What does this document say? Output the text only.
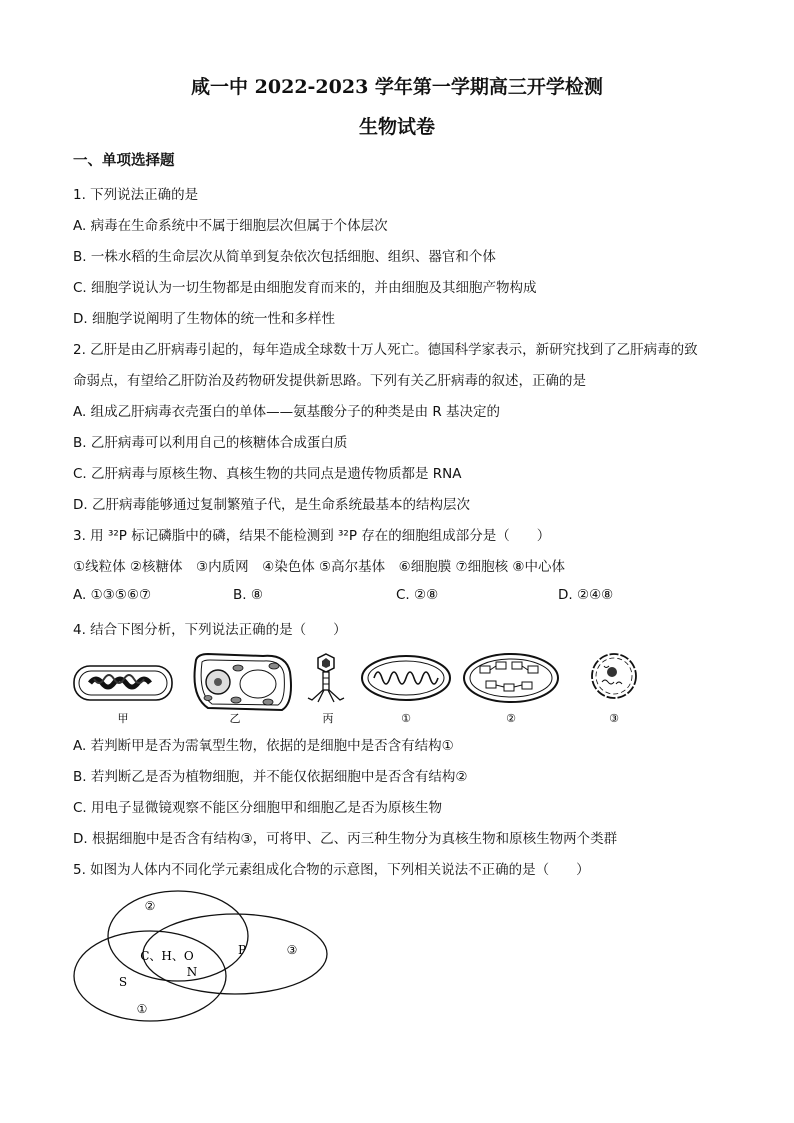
咸一中 2022-2023 学年第一学期高三开学检测
生物试卷
一、单项选择题
1. 下列说法正确的是
A. 病毒在生命系统中不属于细胞层次但属于个体层次
B. 一株水稻的生命层次从简单到复杂依次包括细胞、组织、器官和个体
C. 细胞学说认为一切生物都是由细胞发育而来的，并由细胞及其细胞产物构成
D. 细胞学说阐明了生物体的统一性和多样性
2. 乙肝是由乙肝病毒引起的，每年造成全球数十万人死亡。德国科学家表示，新研究找到了乙肝病毒的致
命弱点，有望给乙肝防治及药物研发提供新思路。下列有关乙肝病毒的叙述，正确的是
A. 组成乙肝病毒衣壳蛋白的单体——氨基酸分子的种类是由 R 基决定的
B. 乙肝病毒可以利用自己的核糖体合成蛋白质
C. 乙肝病毒与原核生物、真核生物的共同点是遗传物质都是 RNA
D. 乙肝病毒能够通过复制繁殖子代，是生命系统最基本的结构层次
3. 用 ³²P 标记磷脂中的磷，结果不能检测到 ³²P 存在的细胞组成部分是（　　）
①线粒体 ②核糖体　③内质网　④染色体 ⑤高尔基体　⑥细胞膜 ⑦细胞核 ⑧中心体
A. ①③⑤⑥⑦	B. ⑧	C. ②⑧	D. ②④⑧
4. 结合下图分析，下列说法正确的是（　　）
甲	乙	丙	①	②	③
A. 若判断甲是否为需氧型生物，依据的是细胞中是否含有结构①
B. 若判断乙是否为植物细胞，并不能仅依据细胞中是否含有结构②
C. 用电子显微镜观察不能区分细胞甲和细胞乙是否为原核生物
D. 根据细胞中是否含有结构③，可将甲、乙、丙三种生物分为真核生物和原核生物两个类群
5. 如图为人体内不同化学元素组成化合物的示意图，下列相关说法不正确的是（　　）
②
C、H、O
N
P	③
S
①
